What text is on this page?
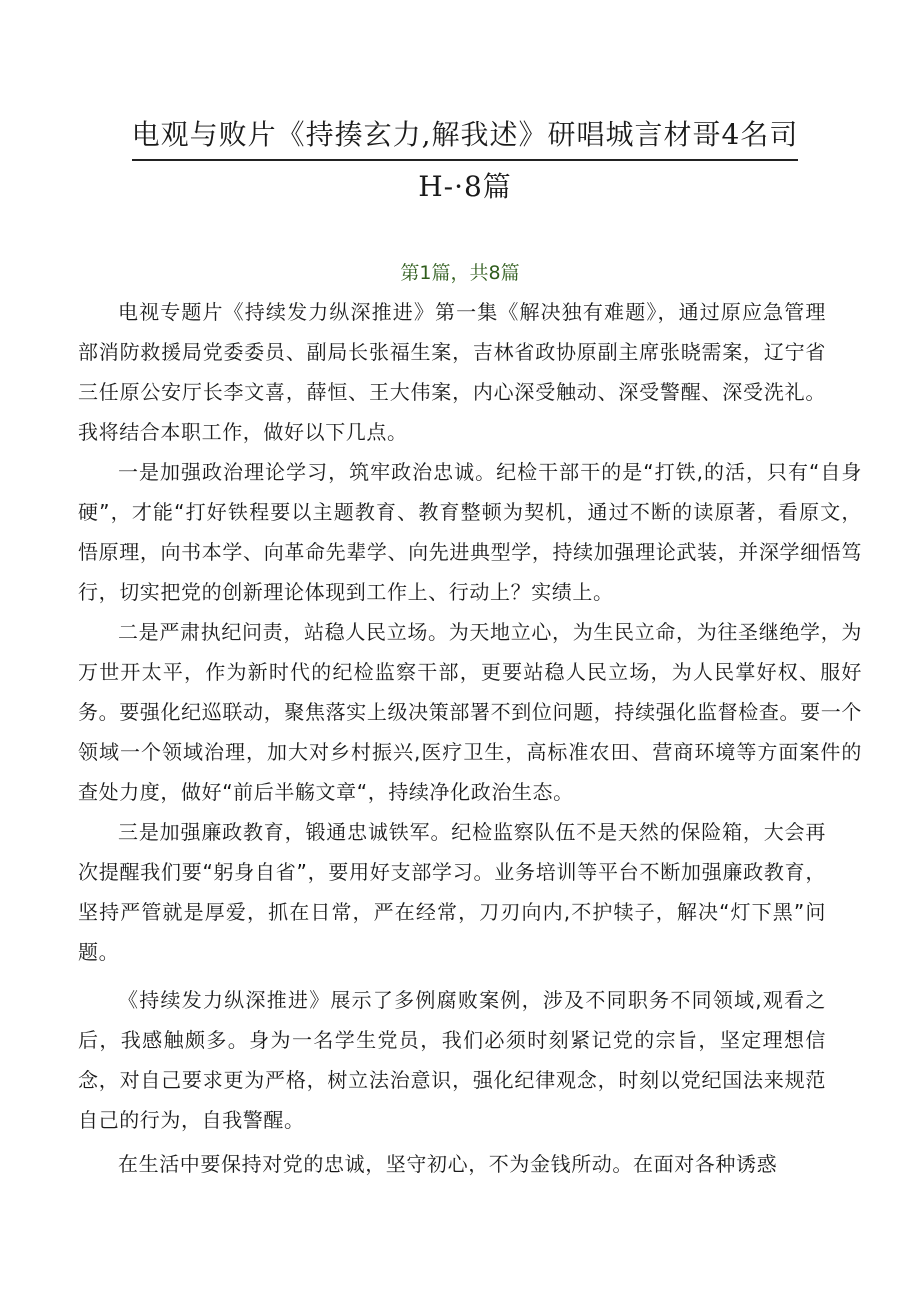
电观与败片《持揍玄力,解我述》研唱城言材哥4名司
H-·8篇
第1篇，共8篇

电视专题片《持续发力纵深推进》第一集《解决独有难题》，通过原应急管理部消防救援局党委委员、副局长张福生案，吉林省政协原副主席张晓需案，辽宁省三任原公安厅长李文喜，薛恒、王大伟案，内心深受触动、深受警醒、深受洗礼。我将结合本职工作，做好以下几点。

一是加强政治理论学习，筑牢政治忠诚。纪检干部干的是“打铁,的活，只有“自身硬”，才能“打好铁程要以主题教育、教育整顿为契机，通过不断的读原著，看原文，悟原理，向书本学、向革命先辈学、向先进典型学，持续加强理论武装，并深学细悟笃行，切实把党的创新理论体现到工作上、行动上？实绩上。

二是严肃执纪问责，站稳人民立场。为天地立心，为生民立命，为往圣继绝学，为万世开太平，作为新时代的纪检监察干部，更要站稳人民立场，为人民掌好权、服好务。要强化纪巡联动，聚焦落实上级决策部署不到位问题，持续强化监督检查。要一个领域一个领域治理，加大对乡村振兴,医疗卫生，高标准农田、营商环境等方面案件的查处力度，做好“前后半觞文章“，持续净化政治生态。

三是加强廉政教育，锻通忠诚铁军。纪检监察队伍不是天然的保险箱，大会再次提醒我们要“躬身自省”，要用好支部学习。业务培训等平台不断加强廉政教育，坚持严管就是厚爱，抓在日常，严在经常，刀刃向内,不护犊子，解决“灯下黑”问题。

《持续发力纵深推进》展示了多例腐败案例，涉及不同职务不同领域,观看之后，我感触颇多。身为一名学生党员，我们必须时刻紧记党的宗旨，坚定理想信念，对自己要求更为严格，树立法治意识，强化纪律观念，时刻以党纪国法来规范自己的行为，自我警醒。

在生活中要保持对党的忠诚，坚守初心，不为金钱所动。在面对各种诱惑
